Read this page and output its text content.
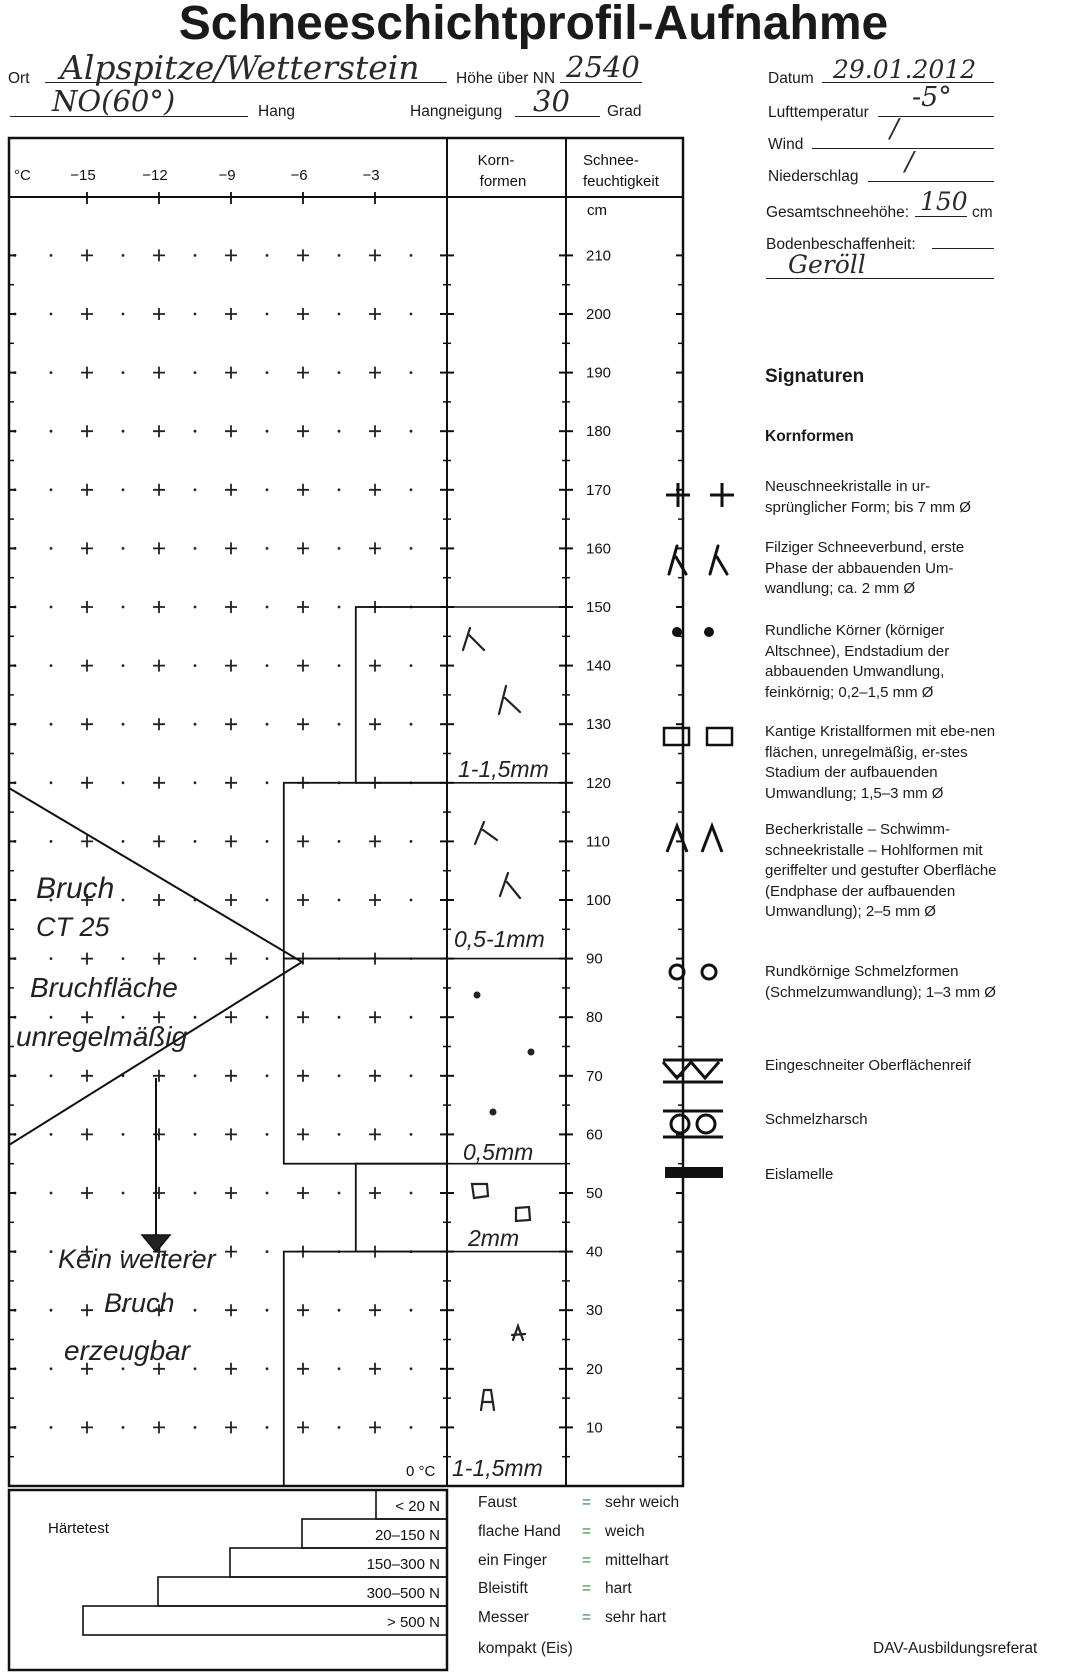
Schneeschichtprofil-Aufnahme
Ort Alpspitze/Wetterstein Höhe über NN 2540
NO(60°)	Hang	Hangneigung 30 Grad
Datum 29.01.2012
Lufttemperatur -5°
Wind
/
Niederschlag /
Gesamtschneehöhe: 150 cm
Bodenbeschaffenheit:
Geröll
Signaturen
Kornformen
Neuschneekristalle in ur-sprünglicher Form; bis 7 mm Ø
Filziger Schneeverbund, erste Phase der abbauenden Um-wandlung; ca. 2 mm Ø
Rundliche Körner (körniger Altschnee), Endstadium der abbauenden Umwandlung, feinkörnig; 0,2–1,5 mm Ø
Kantige Kristallformen mit ebe-nen flächen, unregelmäßig, er-stes Stadium der aufbauenden Umwandlung; 1,5–3 mm Ø
Becherkristalle – Schwimm-schneekristalle – Hohlformen mit geriffelter und gestufter Oberfläche (Endphase der aufbauenden Umwandlung); 2–5 mm Ø
Rundkörnige Schmelzformen (Schmelzumwandlung); 1–3 mm Ø
Eingeschneiter Oberflächenreif
Schmelzharsch
Eislamelle
°C	−15	−12	−9	−6	−3
Korn-
formen
Schnee-
feuchtigkeit
cm
210
200
190
180
170
160
150
140
130
120
110
100
90
80
70
60
50
40
30
20
10
1-1,5mm
0,5-1mm
0,5mm
2mm
1-1,5mm
0 °C
Bruch
CT 25
Bruchfläche
unregelmäßig
Kein weiterer
Bruch
erzeugbar
Härtetest
< 20 N
20–150 N
150–300 N
300–500 N
> 500 N
Faust	= sehr weich
flache Hand = weich
ein Finger = mittelhart
Bleistift	= hart
Messer	= sehr hart
kompakt (Eis)	DAV-Ausbildungsreferat
